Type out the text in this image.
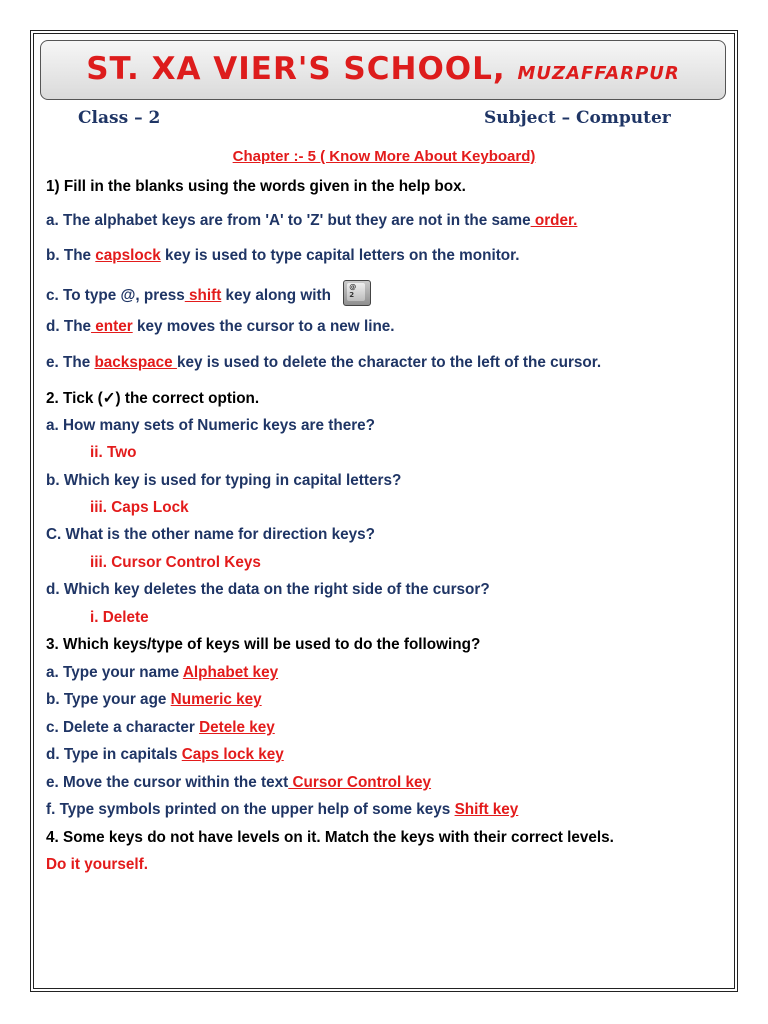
ST. XA VIER'S SCHOOL, MUZAFFARPUR
Class – 2	Subject – Computer
Chapter :- 5 ( Know More About Keyboard)
1) Fill in the blanks using the words given in the help box.
a. The alphabet keys are from 'A' to 'Z' but they are not in the same order.
b. The capslock key is used to type capital letters on the monitor.
c. To type @, press shift key along with
@
2
d. The enter key moves the cursor to a new line.
e. The backspace key is used to delete the character to the left of the cursor.
2. Tick (✓) the correct option.
a. How many sets of Numeric keys are there?
ii. Two
b. Which key is used for typing in capital letters?
iii. Caps Lock
C. What is the other name for direction keys?
iii. Cursor Control Keys
d. Which key deletes the data on the right side of the cursor?
i. Delete
3. Which keys/type of keys will be used to do the following?
a. Type your name Alphabet key
b. Type your age Numeric key
c. Delete a character Detele key
d. Type in capitals Caps lock key
e. Move the cursor within the text Cursor Control key
f. Type symbols printed on the upper help of some keys Shift key
4. Some keys do not have levels on it. Match the keys with their correct levels.
Do it yourself.
